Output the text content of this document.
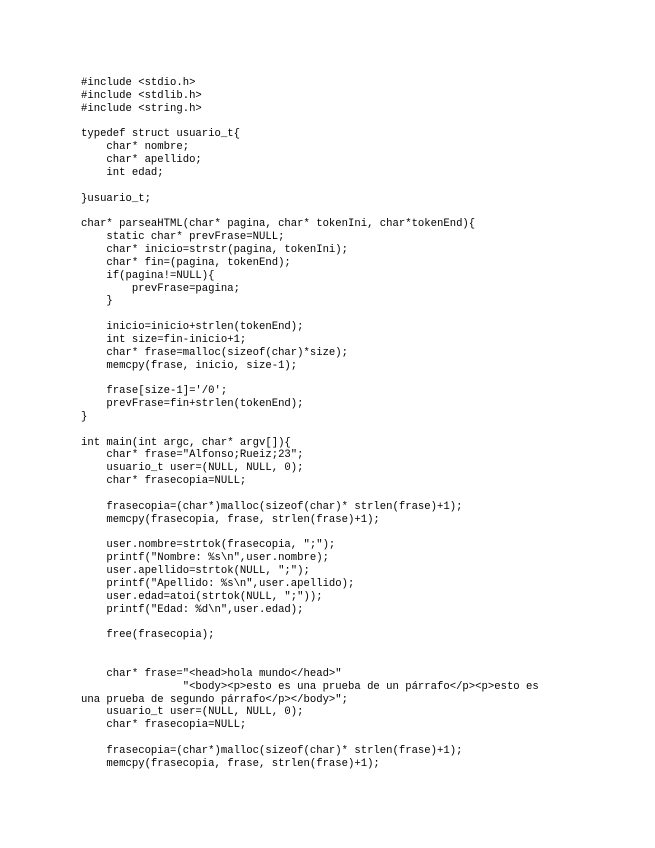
#include <stdio.h>
#include <stdlib.h>
#include <string.h>
typedef struct usuario_t{
char* nombre;
char* apellido;
int edad;
}usuario_t;
char* parseaHTML(char* pagina, char* tokenIni, char*tokenEnd){
static char* prevFrase=NULL;
char* inicio=strstr(pagina, tokenIni);
char* fin=(pagina, tokenEnd);
if(pagina!=NULL){
prevFrase=pagina;
}
inicio=inicio+strlen(tokenEnd);
int size=fin-inicio+1;
char* frase=malloc(sizeof(char)*size);
memcpy(frase, inicio, size-1);
frase[size-1]='/0';
prevFrase=fin+strlen(tokenEnd);
}
int main(int argc, char* argv[]){
char* frase="Alfonso;Rueiz;23";
usuario_t user=(NULL, NULL, 0);
char* frasecopia=NULL;
frasecopia=(char*)malloc(sizeof(char)* strlen(frase)+1);
memcpy(frasecopia, frase, strlen(frase)+1);
user.nombre=strtok(frasecopia, ";");
printf("Nombre: %s\n",user.nombre);
user.apellido=strtok(NULL, ";");
printf("Apellido: %s\n",user.apellido);
user.edad=atoi(strtok(NULL, ";"));
printf("Edad: %d\n",user.edad);
free(frasecopia);
char* frase="<head>hola mundo</head>"
"<body><p>esto es una prueba de un párrafo</p><p>esto es
una prueba de segundo párrafo</p></body>";
usuario_t user=(NULL, NULL, 0);
char* frasecopia=NULL;
frasecopia=(char*)malloc(sizeof(char)* strlen(frase)+1);
memcpy(frasecopia, frase, strlen(frase)+1);
